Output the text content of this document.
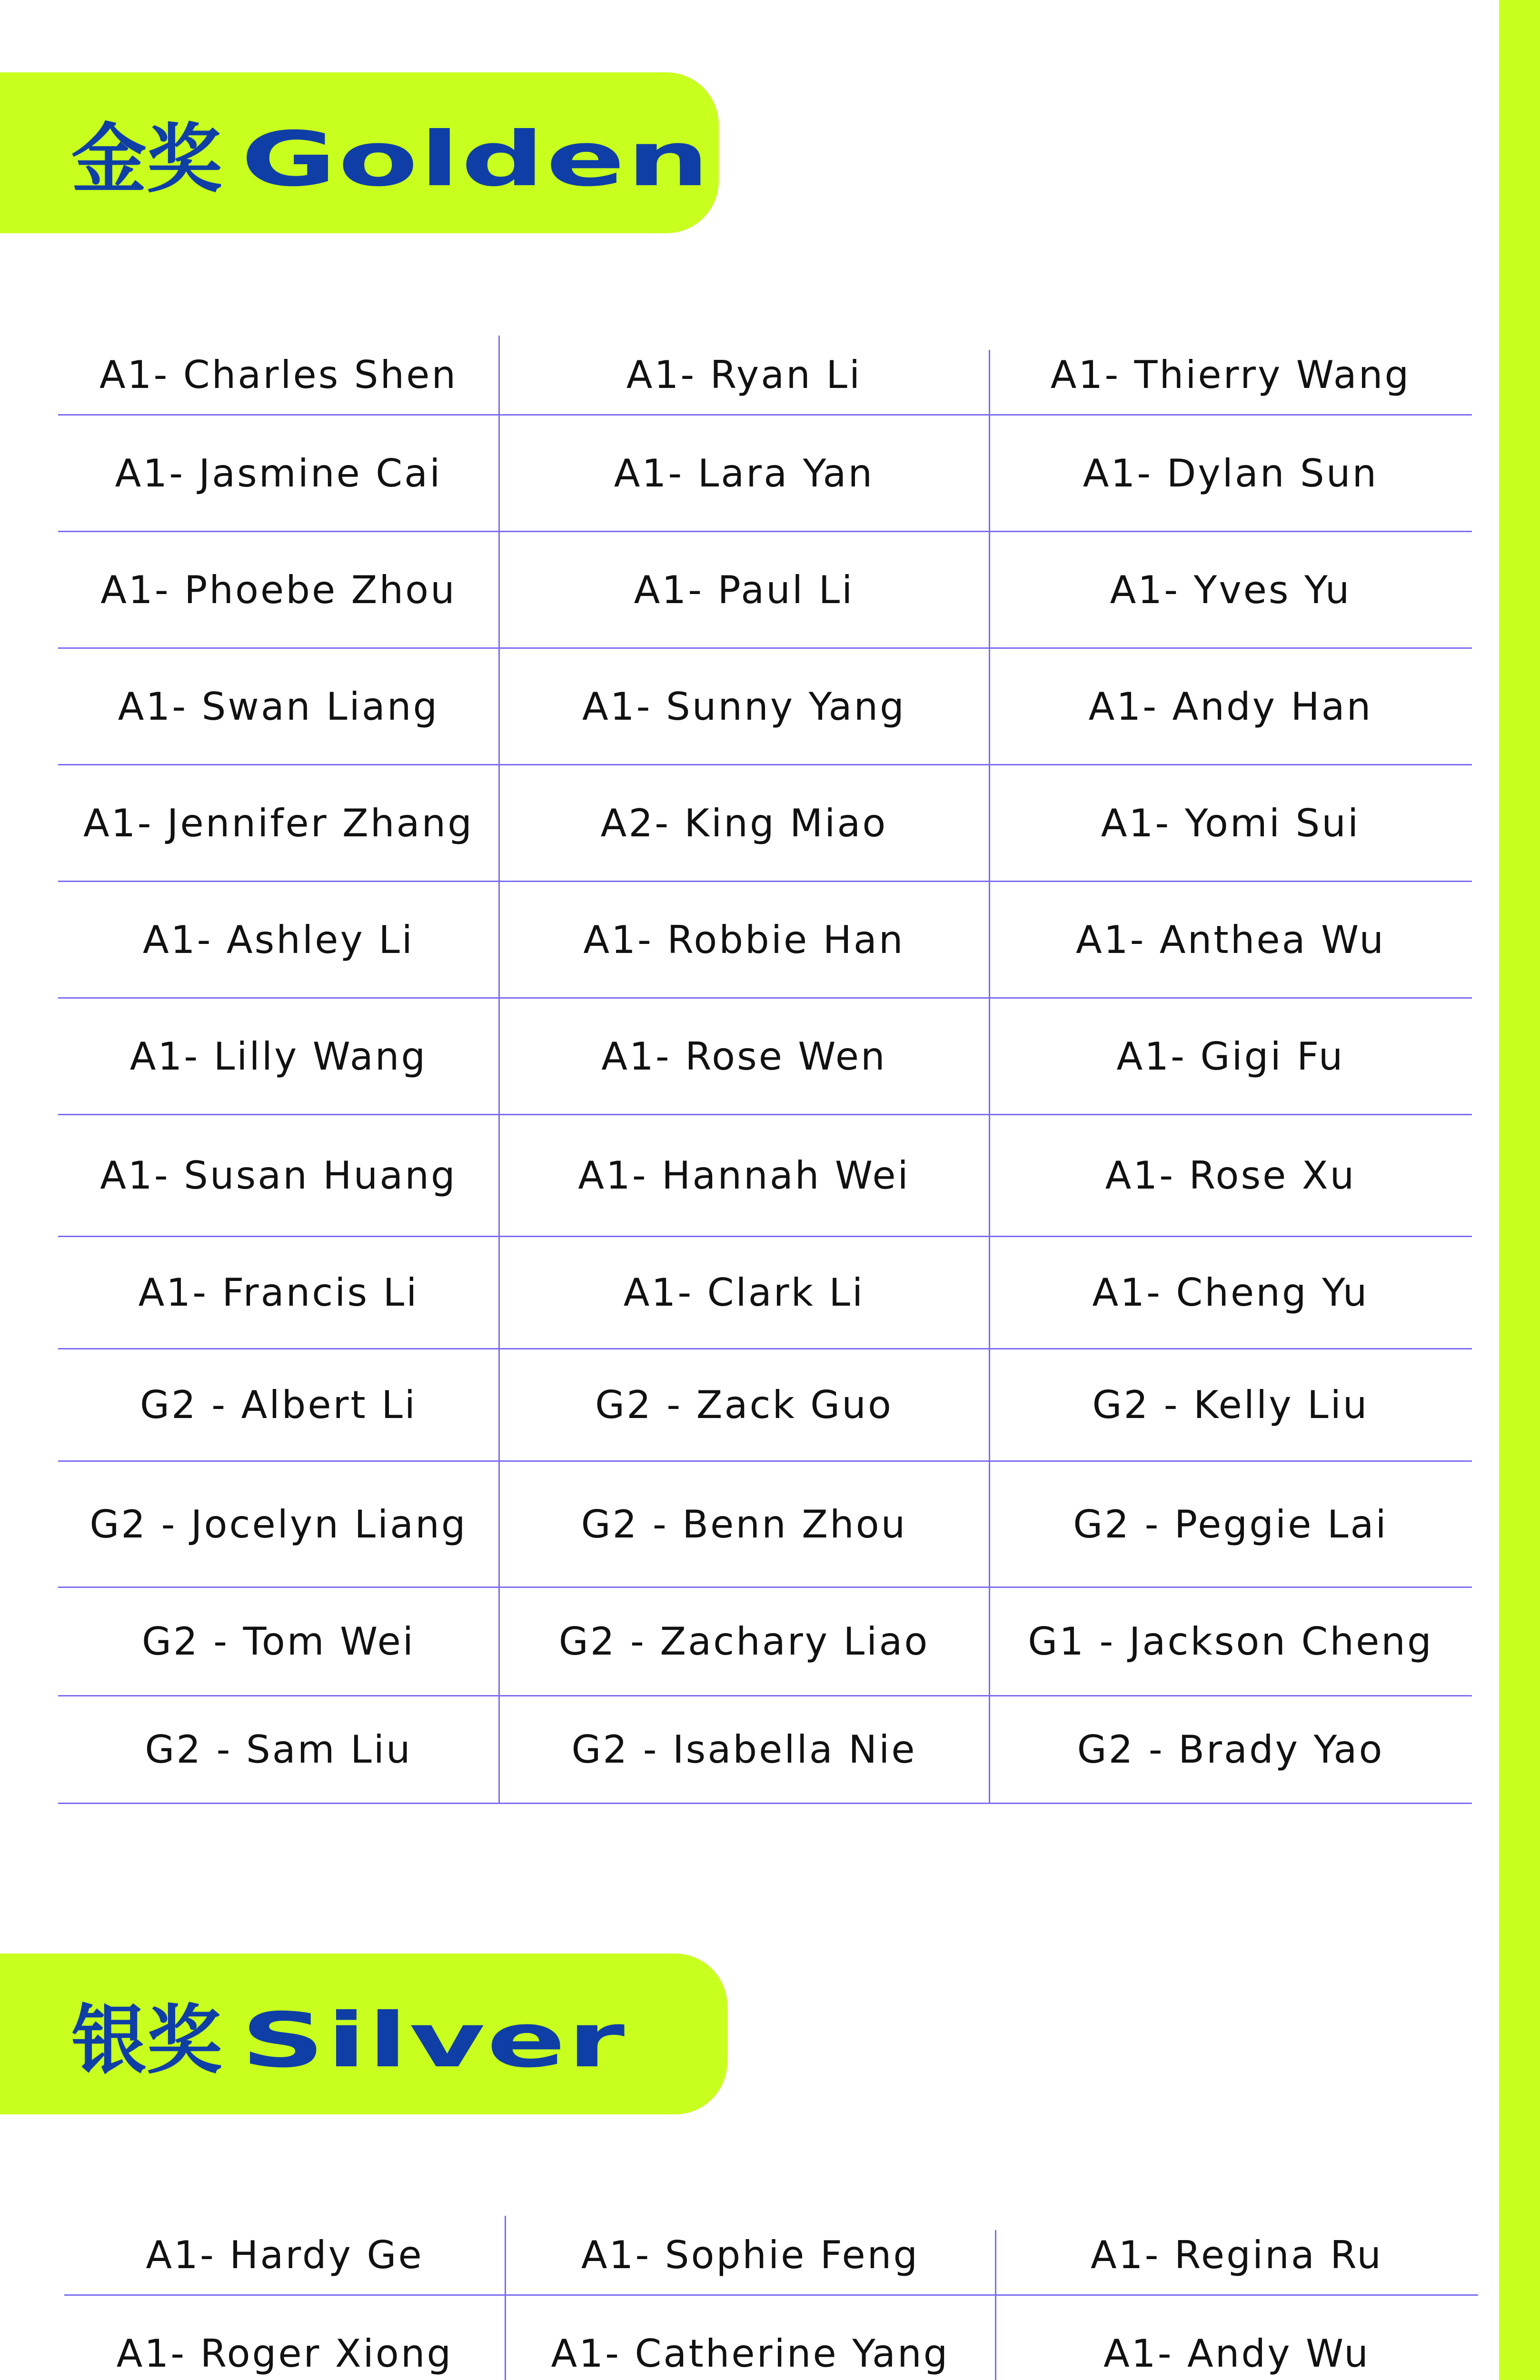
金奖 Golden
A1- Charles Shen	A1- Ryan Li	A1- Thierry Wang
A1- Jasmine Cai	A1- Lara Yan	A1- Dylan Sun
A1- Phoebe Zhou	A1- Paul Li	A1- Yves Yu
A1- Swan Liang	A1- Sunny Yang	A1- Andy Han
A1- Jennifer Zhang	A2- King Miao	A1- Yomi Sui
A1- Ashley Li	A1- Robbie Han	A1- Anthea Wu
A1- Lilly Wang	A1- Rose Wen	A1- Gigi Fu
A1- Susan Huang	A1- Hannah Wei	A1- Rose Xu
A1- Francis Li	A1- Clark Li	A1- Cheng Yu
G2 - Albert Li	G2 - Zack Guo	G2 - Kelly Liu
G2 - Jocelyn Liang	G2 - Benn Zhou	G2 - Peggie Lai
G2 - Tom Wei	G2 - Zachary Liao	G1 - Jackson Cheng
G2 - Sam Liu	G2 - Isabella Nie	G2 - Brady Yao
银奖 Silver
A1- Hardy Ge	A1- Sophie Feng	A1- Regina Ru
A1- Roger Xiong	A1- Catherine Yang	A1- Andy Wu
